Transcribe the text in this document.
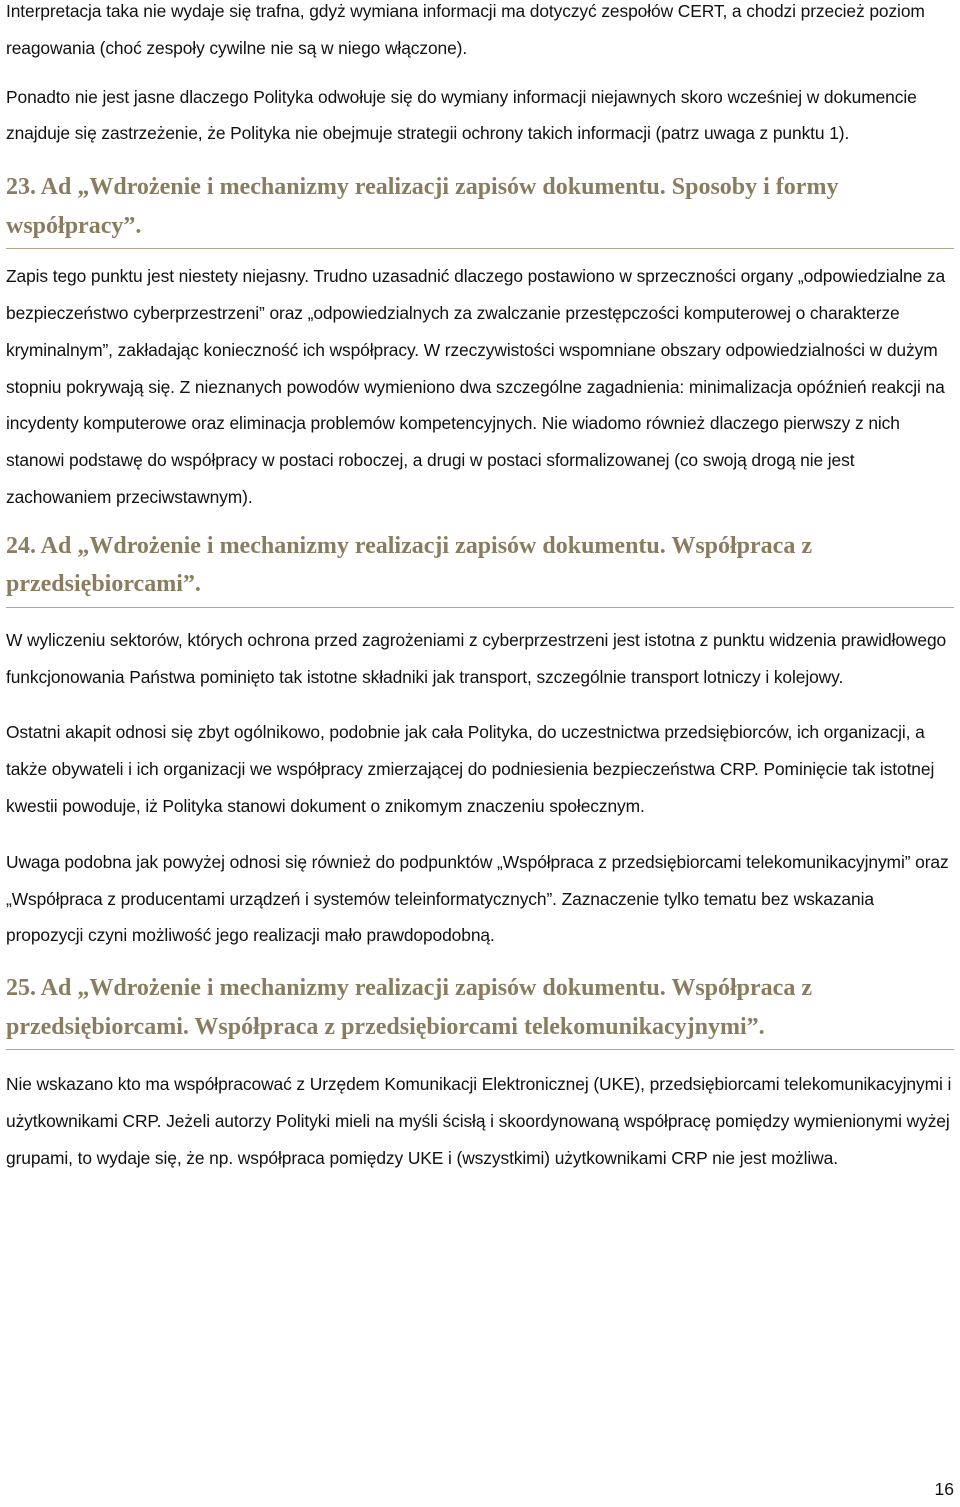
Interpretacja taka nie wydaje się trafna, gdyż wymiana informacji ma dotyczyć zespołów CERT, a chodzi przecież poziom reagowania (choć zespoły cywilne nie są w niego włączone).

Ponadto nie jest jasne dlaczego Polityka odwołuje się do wymiany informacji niejawnych skoro wcześniej w dokumencie znajduje się zastrzeżenie, że Polityka nie obejmuje strategii ochrony takich informacji (patrz uwaga z punktu 1).

23. Ad „Wdrożenie i mechanizmy realizacji zapisów dokumentu. Sposoby i formy współpracy”.

Zapis tego punktu jest niestety niejasny. Trudno uzasadnić dlaczego postawiono w sprzeczności organy „odpowiedzialne za bezpieczeństwo cyberprzestrzeni” oraz „odpowiedzialnych za zwalczanie przestępczości komputerowej o charakterze kryminalnym”, zakładając konieczność ich współpracy. W rzeczywistości wspomniane obszary odpowiedzialności w dużym stopniu pokrywają się. Z nieznanych powodów wymieniono dwa szczególne zagadnienia: minimalizacja opóźnień reakcji na incydenty komputerowe oraz eliminacja problemów kompetencyjnych. Nie wiadomo również dlaczego pierwszy z nich stanowi podstawę do współpracy w postaci roboczej, a drugi w postaci sformalizowanej (co swoją drogą nie jest zachowaniem przeciwstawnym).

24. Ad „Wdrożenie i mechanizmy realizacji zapisów dokumentu. Współpraca z przedsiębiorcami”.

W wyliczeniu sektorów, których ochrona przed zagrożeniami z cyberprzestrzeni jest istotna z punktu widzenia prawidłowego funkcjonowania Państwa pominięto tak istotne składniki jak transport, szczególnie transport lotniczy i kolejowy.

Ostatni akapit odnosi się zbyt ogólnikowo, podobnie jak cała Polityka, do uczestnictwa przedsiębiorców, ich organizacji, a także obywateli i ich organizacji we współpracy zmierzającej do podniesienia bezpieczeństwa CRP. Pominięcie tak istotnej kwestii powoduje, iż Polityka stanowi dokument o znikomym znaczeniu społecznym.

Uwaga podobna jak powyżej odnosi się również do podpunktów „Współpraca z przedsiębiorcami telekomunikacyjnymi” oraz „Współpraca z producentami urządzeń i systemów teleinformatycznych”. Zaznaczenie tylko tematu bez wskazania propozycji czyni możliwość jego realizacji mało prawdopodobną.

25. Ad „Wdrożenie i mechanizmy realizacji zapisów dokumentu. Współpraca z przedsiębiorcami. Współpraca z przedsiębiorcami telekomunikacyjnymi”.

Nie wskazano kto ma współpracować z Urzędem Komunikacji Elektronicznej (UKE), przedsiębiorcami telekomunikacyjnymi i użytkownikami CRP. Jeżeli autorzy Polityki mieli na myśli ścisłą i skoordynowaną współpracę pomiędzy wymienionymi wyżej grupami, to wydaje się, że np. współpraca pomiędzy UKE i (wszystkimi) użytkownikami CRP nie jest możliwa.

16
